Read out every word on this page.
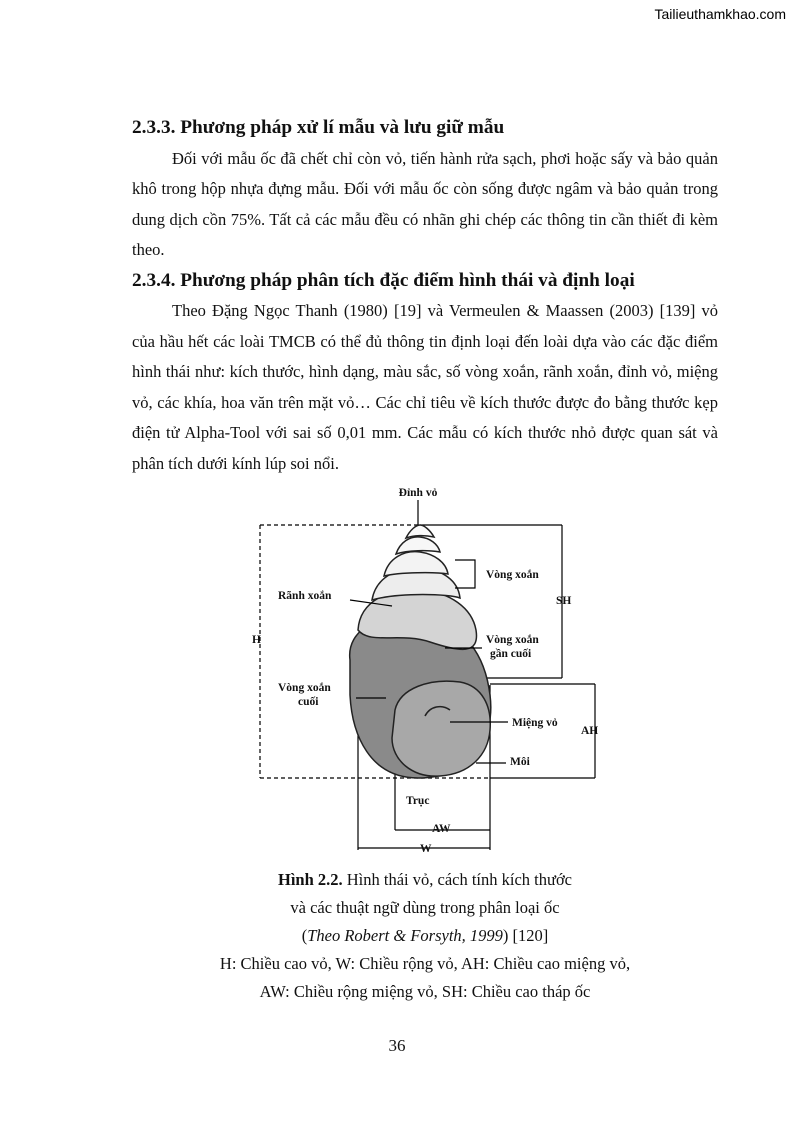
Tailieuthamkhao.com
2.3.3. Phương pháp xử lí mẫu và lưu giữ mẫu

Đối với mẫu ốc đã chết chỉ còn vỏ, tiến hành rửa sạch, phơi hoặc sấy và bảo quản khô trong hộp nhựa đựng mẫu. Đối với mẫu ốc còn sống được ngâm và bảo quản trong dung dịch cồn 75%. Tất cả các mẫu đều có nhãn ghi chép các thông tin cần thiết đi kèm theo.

2.3.4. Phương pháp phân tích đặc điểm hình thái và định loại

Theo Đặng Ngọc Thanh (1980) [19] và Vermeulen & Maassen (2003) [139] vỏ của hầu hết các loài TMCB có thể đủ thông tin định loại đến loài dựa vào các đặc điểm hình thái như: kích thước, hình dạng, màu sắc, số vòng xoắn, rãnh xoắn, đỉnh vỏ, miệng vỏ, các khía, hoa văn trên mặt vỏ… Các chỉ tiêu về kích thước được đo bằng thước kẹp điện tử Alpha-Tool với sai số 0,01 mm. Các mẫu có kích thước nhỏ được quan sát và phân tích dưới kính lúp soi nổi.

Đỉnh vỏ
Rãnh xoắn
Vòng xoắn
SH
H	Vòng xoắn
gần cuối
Vòng xoắn
cuối
Miệng vỏ
AH
Môi
Trục
AW
W
Hình 2.2. Hình thái vỏ, cách tính kích thước
và các thuật ngữ dùng trong phân loại ốc
(Theo Robert & Forsyth, 1999) [120]
H: Chiều cao vỏ, W: Chiều rộng vỏ, AH: Chiều cao miệng vỏ,
AW: Chiều rộng miệng vỏ, SH: Chiều cao tháp ốc
36
